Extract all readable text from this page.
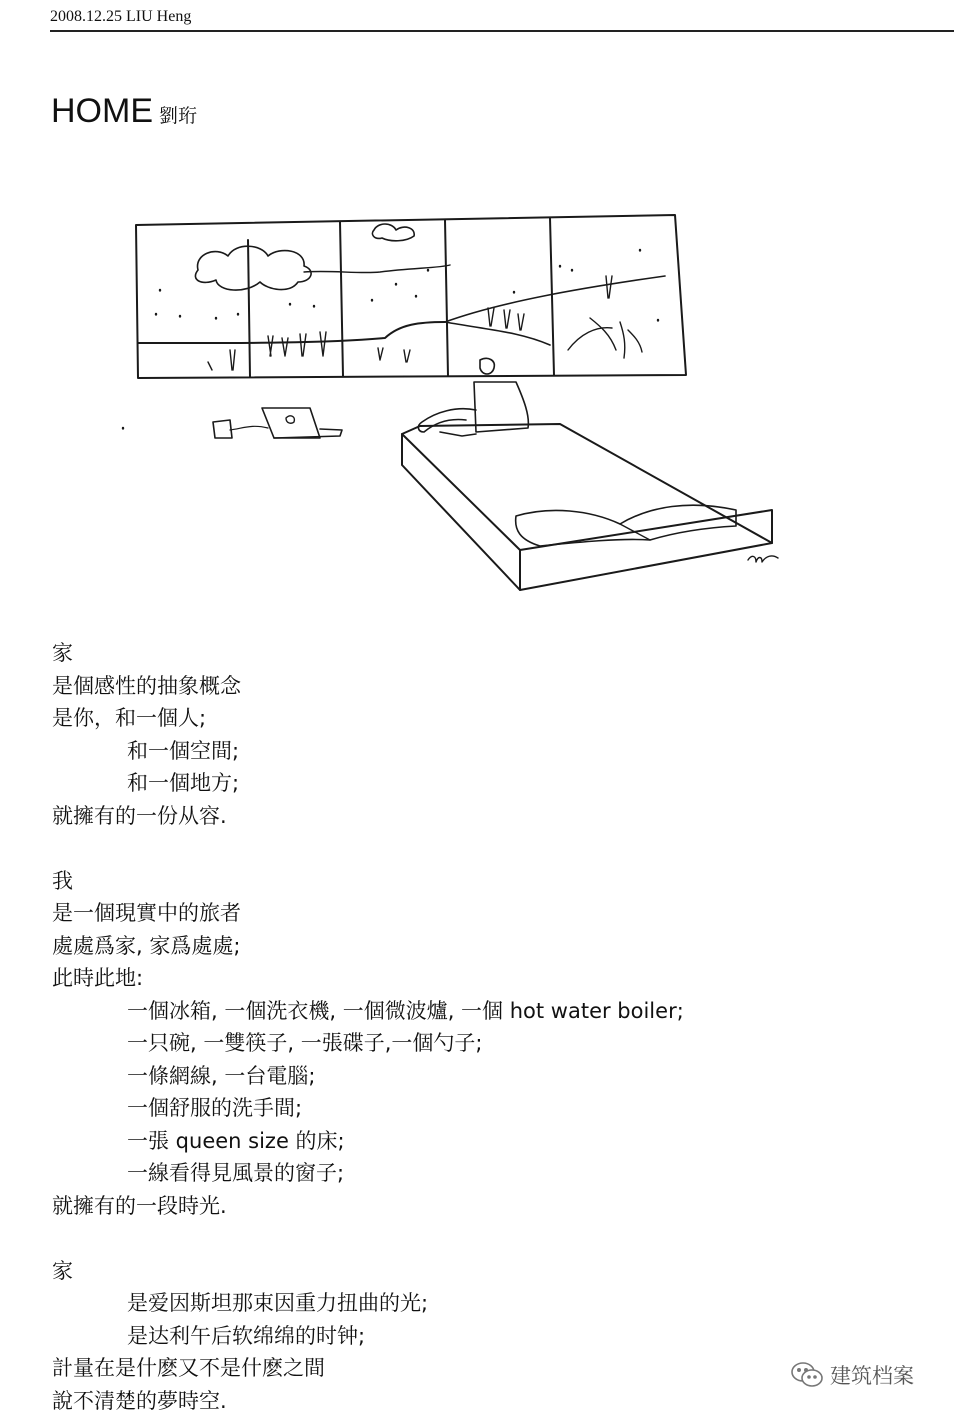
2008.12.25 LIU Heng
HOME 劉珩
家
是個感性的抽象概念
是你，和一個人;
和一個空間;
和一個地方;
就擁有的一份从容.
我
是一個現實中的旅者
處處爲家, 家爲處處;
此時此地:
一個冰箱, 一個洗衣機, 一個微波爐, 一個 hot water boiler;
一只碗, 一雙筷子, 一張碟子,一個勺子;
一條網線, 一台電腦;
一個舒服的洗手間;
一張 queen size 的床;
一線看得見風景的窗子;
就擁有的一段時光.
家
是爱因斯坦那束因重力扭曲的光;
是达利午后软绵绵的时钟;
計量在是什麽又不是什麽之間
說不清楚的夢時空.
建筑档案
